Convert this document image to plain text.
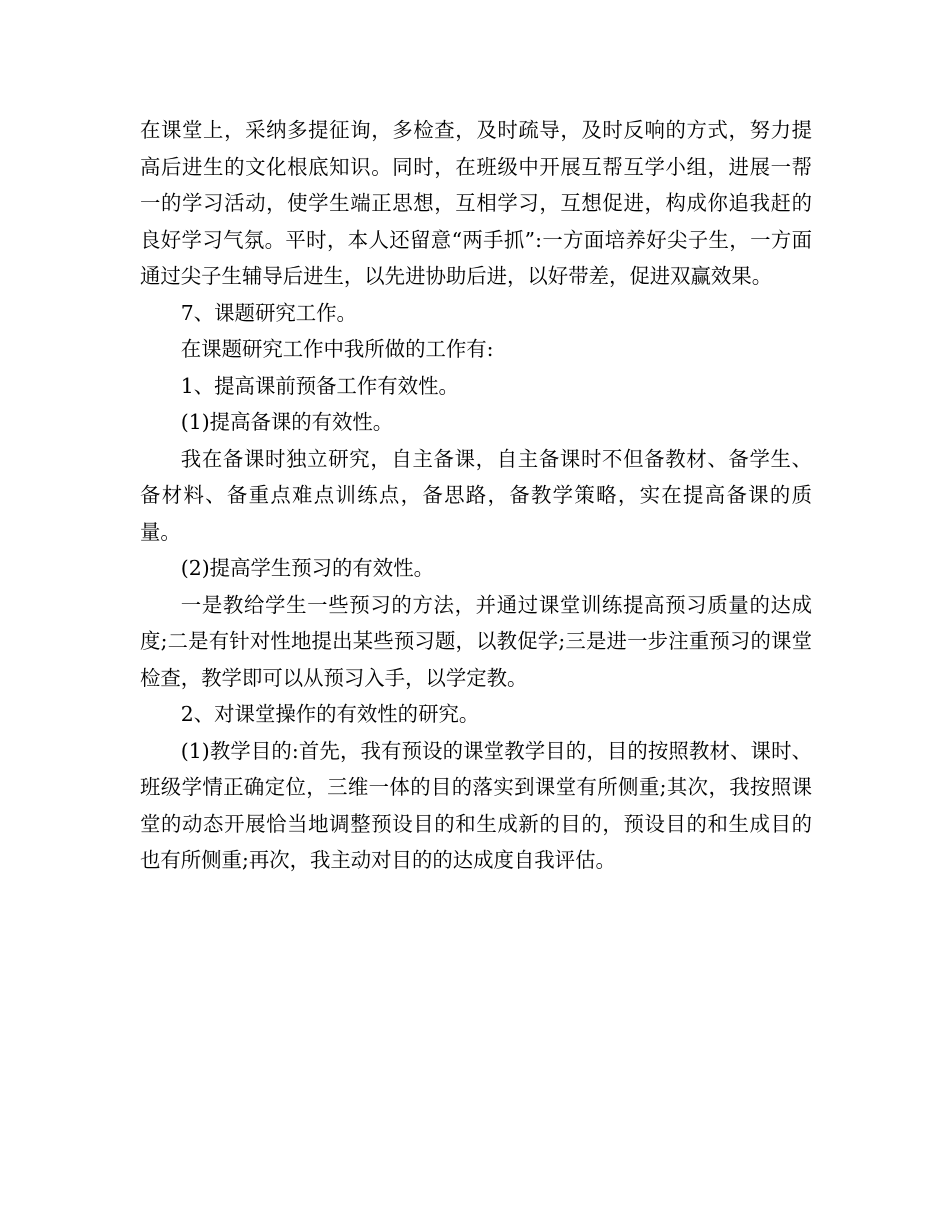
在课堂上，采纳多提征询，多检查，及时疏导，及时反响的方式，努力提高后进生的文化根底知识。同时，在班级中开展互帮互学小组，进展一帮一的学习活动，使学生端正思想，互相学习，互想促进，构成你追我赶的良好学习气氛。平时，本人还留意“两手抓”:一方面培养好尖子生，一方面通过尖子生辅导后进生，以先进协助后进，以好带差，促进双赢效果。

7、课题研究工作。

在课题研究工作中我所做的工作有:

1、提高课前预备工作有效性。

(1)提高备课的有效性。

我在备课时独立研究，自主备课，自主备课时不但备教材、备学生、备材料、备重点难点训练点，备思路，备教学策略，实在提高备课的质量。

(2)提高学生预习的有效性。

一是教给学生一些预习的方法，并通过课堂训练提高预习质量的达成度;二是有针对性地提出某些预习题，以教促学;三是进一步注重预习的课堂检查，教学即可以从预习入手，以学定教。

2、对课堂操作的有效性的研究。

(1)教学目的:首先，我有预设的课堂教学目的，目的按照教材、课时、班级学情正确定位，三维一体的目的落实到课堂有所侧重;其次，我按照课堂的动态开展恰当地调整预设目的和生成新的目的，预设目的和生成目的也有所侧重;再次，我主动对目的的达成度自我评估。
